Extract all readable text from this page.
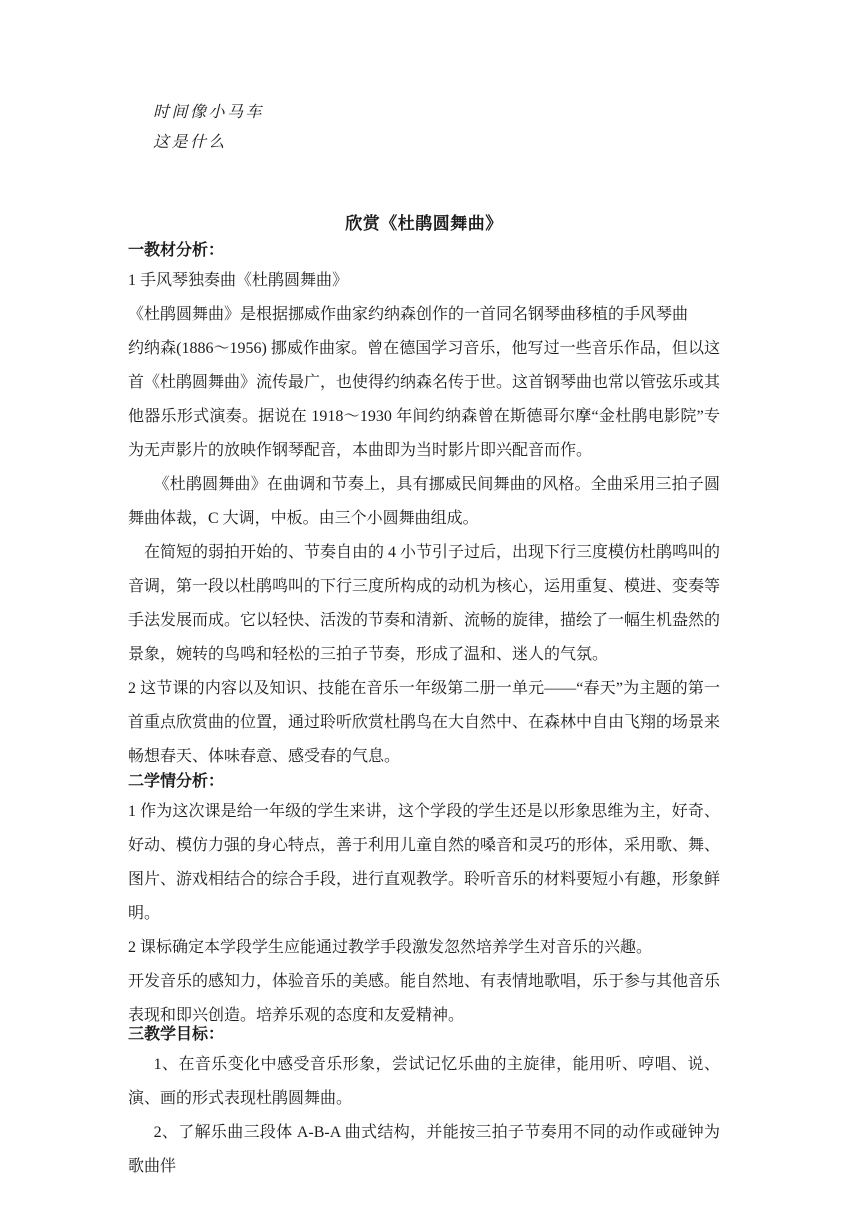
时间像小马车

这是什么

欣赏《杜鹃圆舞曲》

一教材分析：

1 手风琴独奏曲《杜鹃圆舞曲》

《杜鹃圆舞曲》是根据挪威作曲家约纳森创作的一首同名钢琴曲移植的手风琴曲

约纳森(1886～1956) 挪威作曲家。曾在德国学习音乐，他写过一些音乐作品，但以这首《杜鹃圆舞曲》流传最广，也使得约纳森名传于世。这首钢琴曲也常以管弦乐或其他器乐形式演奏。据说在 1918～1930 年间约纳森曾在斯德哥尔摩“金杜鹃电影院”专为无声影片的放映作钢琴配音，本曲即为当时影片即兴配音而作。

《杜鹃圆舞曲》在曲调和节奏上，具有挪威民间舞曲的风格。全曲采用三拍子圆舞曲体裁，C 大调，中板。由三个小圆舞曲组成。

在简短的弱拍开始的、节奏自由的 4 小节引子过后，出现下行三度模仿杜鹃鸣叫的音调，第一段以杜鹃鸣叫的下行三度所构成的动机为核心，运用重复、模进、变奏等手法发展而成。它以轻快、活泼的节奏和清新、流畅的旋律，描绘了一幅生机盎然的景象，婉转的鸟鸣和轻松的三拍子节奏，形成了温和、迷人的气氛。

2 这节课的内容以及知识、技能在音乐一年级第二册一单元——“春天”为主题的第一首重点欣赏曲的位置，通过聆听欣赏杜鹃鸟在大自然中、在森林中自由飞翔的场景来畅想春天、体味春意、感受春的气息。

二学情分析：

1 作为这次课是给一年级的学生来讲，这个学段的学生还是以形象思维为主，好奇、好动、模仿力强的身心特点，善于利用儿童自然的嗓音和灵巧的形体，采用歌、舞、图片、游戏相结合的综合手段，进行直观教学。聆听音乐的材料要短小有趣，形象鲜明。

2 课标确定本学段学生应能通过教学手段激发忽然培养学生对音乐的兴趣。

开发音乐的感知力，体验音乐的美感。能自然地、有表情地歌唱，乐于参与其他音乐表现和即兴创造。培养乐观的态度和友爱精神。

三教学目标：

1、在音乐变化中感受音乐形象，尝试记忆乐曲的主旋律，能用听、哼唱、说、演、画的形式表现杜鹃圆舞曲。

2、了解乐曲三段体 A-B-A 曲式结构，并能按三拍子节奏用不同的动作或碰钟为歌曲伴
